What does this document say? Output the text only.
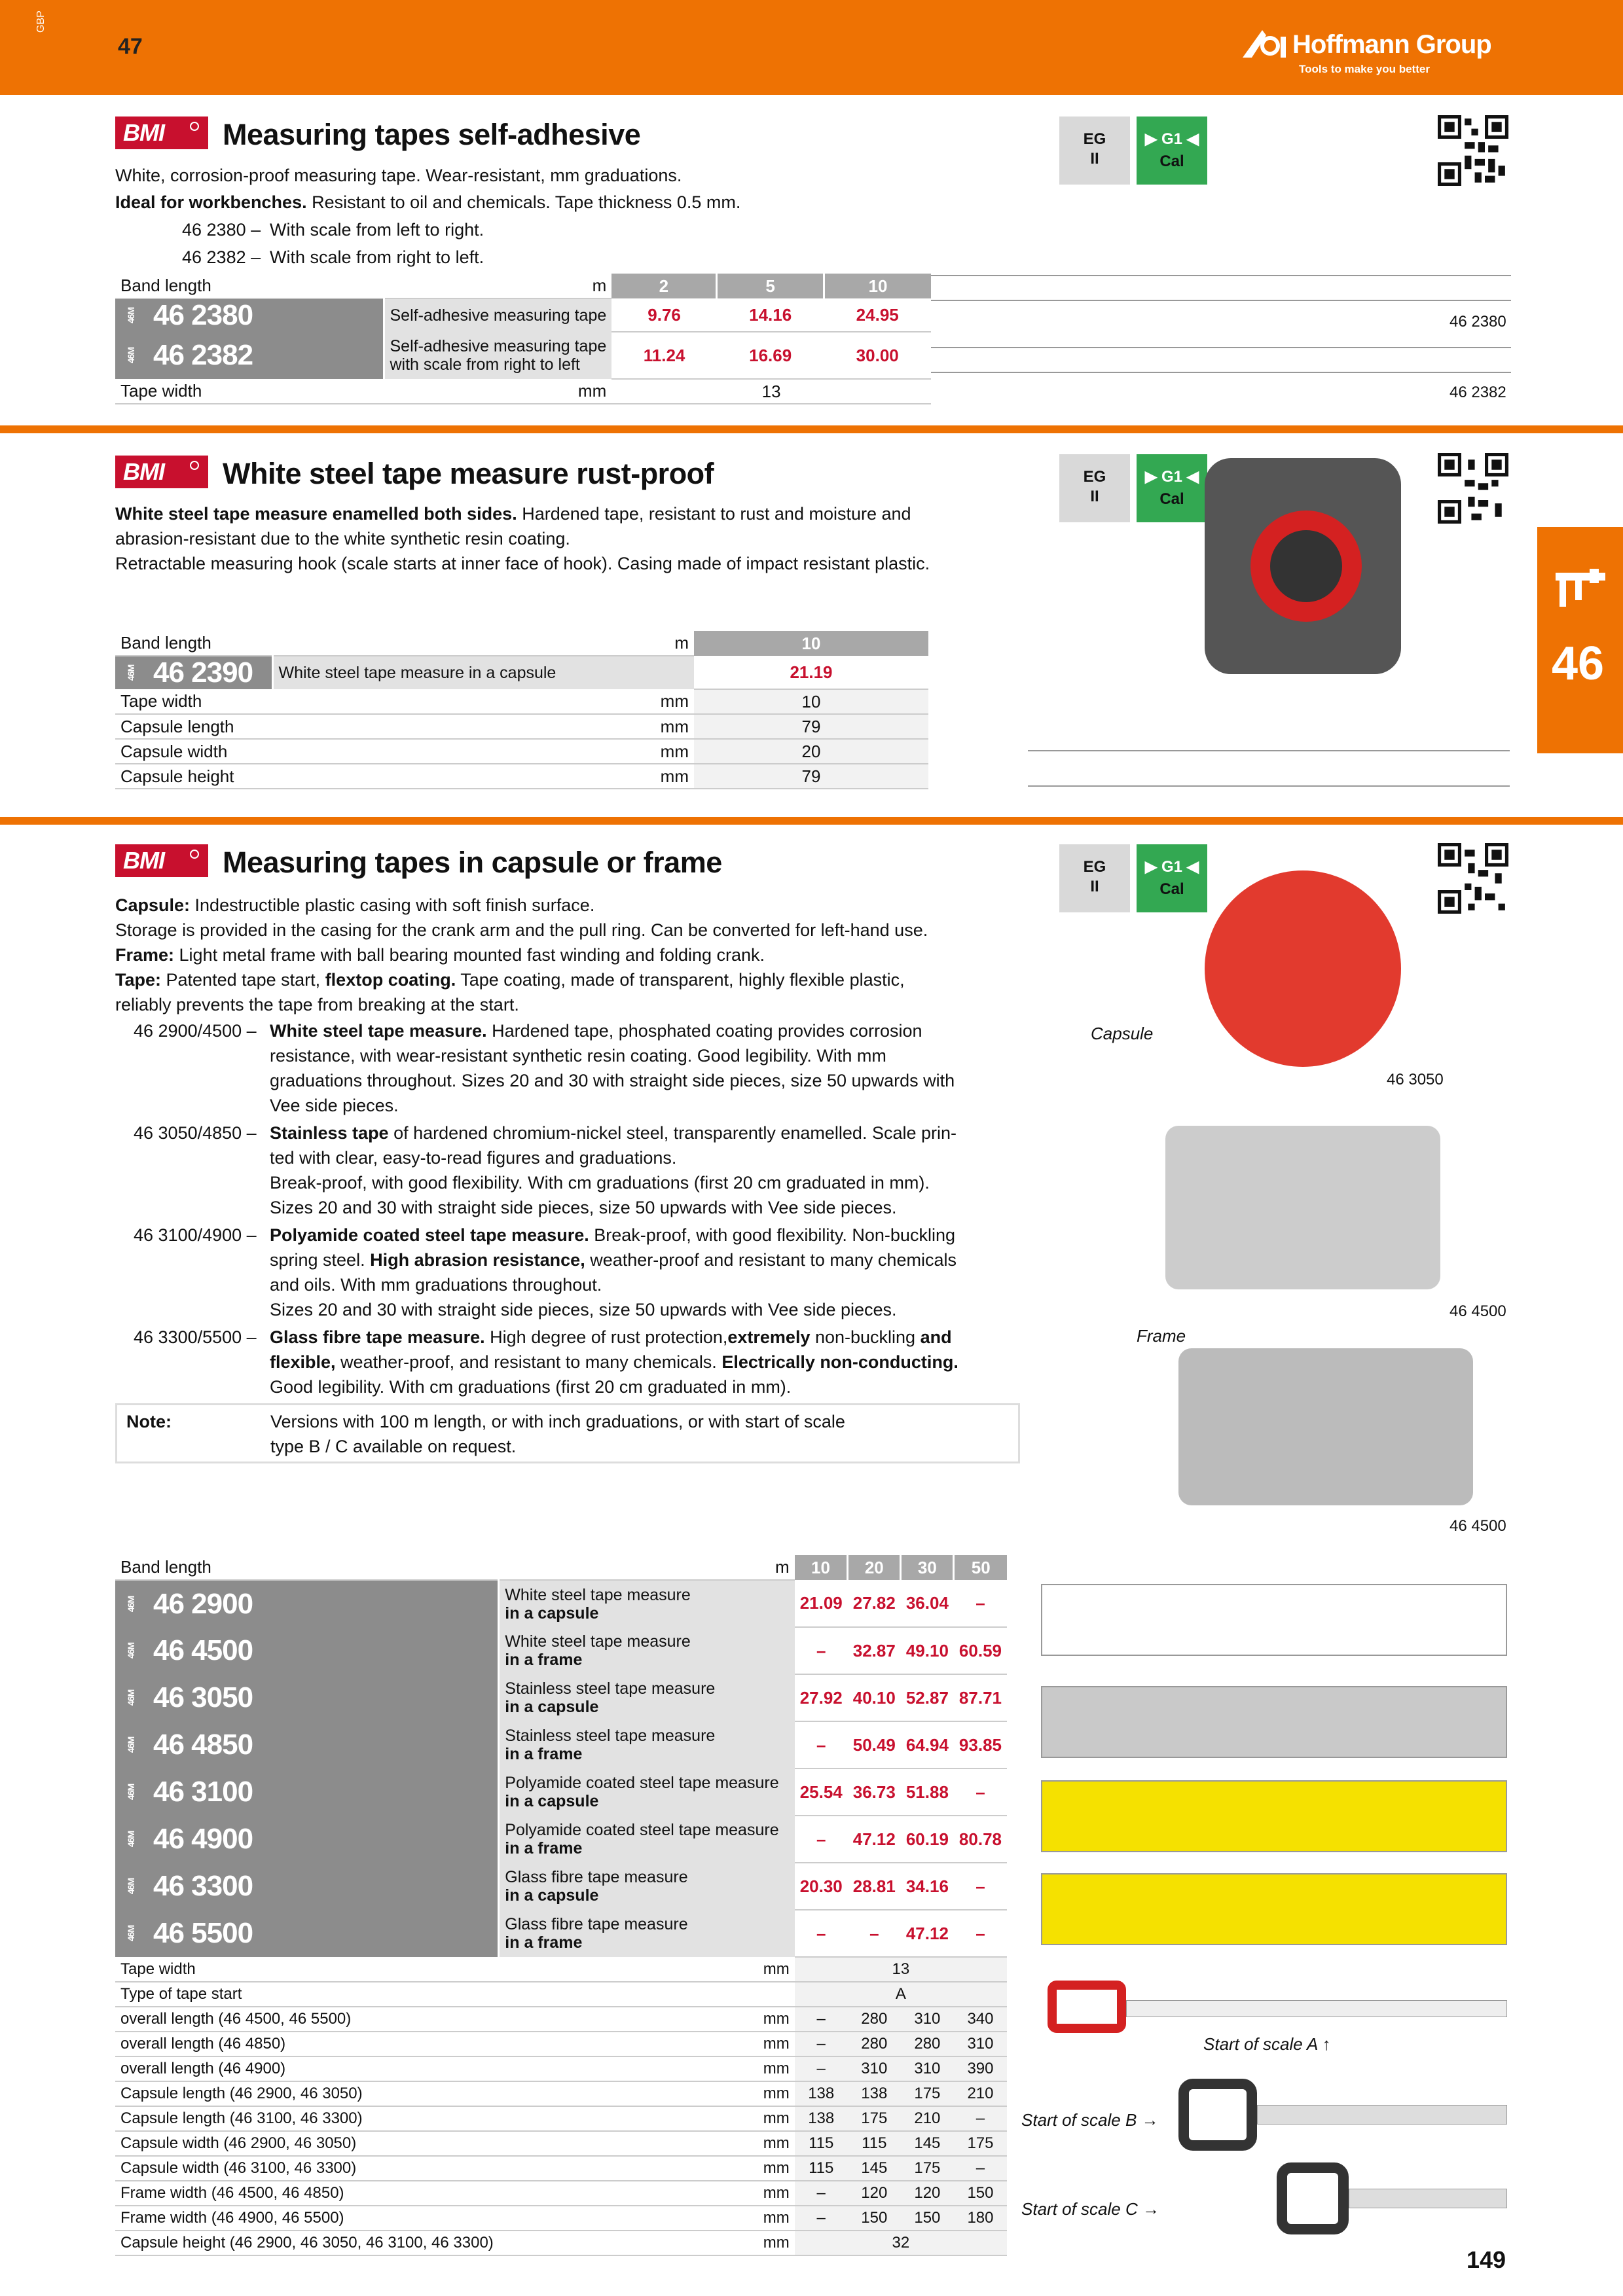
GBP
47	Hoffmann Group
Tools to make you better
46
BMI	Measuring tapes self-adhesive
White, corrosion-proof measuring tape. Wear-resistant, mm graduations.
Ideal for workbenches. Resistant to oil and chemicals. Tape thickness 0.5 mm.
46 2380 – With scale from left to right.
46 2382 – With scale from right to left.
EG
II
▶ G1 ◀
Cal
Band length	m	2	5	10
46M 46 2380	Self-adhesive measuring tape	9.76	14.16	24.95
46M 46 2382	Self-adhesive measuring tape
with scale from right to left	11.24	16.69	30.00
Tape width	mm	13		
46 2380
46 2382
BMI	White steel tape measure rust-proof
White steel tape measure enamelled both sides. Hardened tape, resistant to rust and moisture and
abrasion-resistant due to the white synthetic resin coating.
Retractable measuring hook (scale starts at inner face of hook). Casing made of impact resistant plastic.
EG
II
▶ G1 ◀
Cal
Band length	m	10
46M 46 2390	White steel tape measure in a capsule	21.19
Tape width	mm	10
Capsule length	mm	79
Capsule width	mm	20
Capsule height	mm	79
BMI	Measuring tapes in capsule or frame
Capsule: Indestructible plastic casing with soft finish surface.
Storage is provided in the casing for the crank arm and the pull ring. Can be converted for left-hand use.
Frame: Light metal frame with ball bearing mounted fast winding and folding crank.
Tape: Patented tape start, flextop coating. Tape coating, made of transparent, highly flexible plastic,
reliably prevents the tape from breaking at the start.
46 2900/4500 – White steel tape measure. Hardened tape, phosphated coating provides corrosion
resistance, with wear-resistant synthetic resin coating. Good legibility. With mm
graduations throughout. Sizes 20 and 30 with straight side pieces, size 50 upwards with
Vee side pieces.
46 3050/4850 – Stainless tape of hardened chromium-nickel steel, transparently enamelled. Scale prin-
ted with clear, easy-to-read figures and graduations.
Break-proof, with good flexibility. With cm graduations (first 20 cm graduated in mm).
Sizes 20 and 30 with straight side pieces, size 50 upwards with Vee side pieces.
46 3100/4900 – Polyamide coated steel tape measure. Break-proof, with good flexibility. Non-buckling
spring steel. High abrasion resistance, weather-proof and resistant to many chemicals
and oils. With mm graduations throughout.
Sizes 20 and 30 with straight side pieces, size 50 upwards with Vee side pieces.
46 3300/5500 – Glass fibre tape measure. High degree of rust protection,extremely non-buckling and
flexible, weather-proof, and resistant to many chemicals. Electrically non-conducting.
Good legibility. With cm graduations (first 20 cm graduated in mm).
Note:	Versions with 100 m length, or with inch graduations, or with start of scale
type B / C available on request.
EG
II
▶ G1 ◀
Cal
Capsule
46 3050
Frame
46 4500
46 4500
Band length	m	10	20	30	50
46M 46 2900	White steel tape measure
in a capsule	21.09	27.82	36.04	–
46M 46 4500	White steel tape measure
in a frame	–	32.87	49.10	60.59
46M 46 3050	Stainless steel tape measure
in a capsule	27.92	40.10	52.87	87.71
46M 46 4850	Stainless steel tape measure
in a frame	–	50.49	64.94	93.85
46M 46 3100	Polyamide coated steel tape measure
in a capsule	25.54	36.73	51.88	–
46M 46 4900	Polyamide coated steel tape measure
in a frame	–	47.12	60.19	80.78
46M 46 3300	Glass fibre tape measure
in a capsule	20.30	28.81	34.16	–
46M 46 5500	Glass fibre tape measure
in a frame	–	–	47.12	–
Tape width	mm	13			
Type of tape start		A			
overall length (46 4500, 46 5500)	mm	–	280	310	340
overall length (46 4850)	mm	–	280	280	310
overall length (46 4900)	mm	–	310	310	390
Capsule length (46 2900, 46 3050)	mm	138	138	175	210
Capsule length (46 3100, 46 3300)	mm	138	175	210	–
Capsule width (46 2900, 46 3050)	mm	115	115	145	175
Capsule width (46 3100, 46 3300)	mm	115	145	175	–
Frame width (46 4500, 46 4850)	mm	–	120	120	150
Frame width (46 4900, 46 5500)	mm	–	150	150	180
Capsule height (46 2900, 46 3050, 46 3100, 46 3300)	mm	32			
Start of scale A ↑
Start of scale B →
Start of scale C →
149
